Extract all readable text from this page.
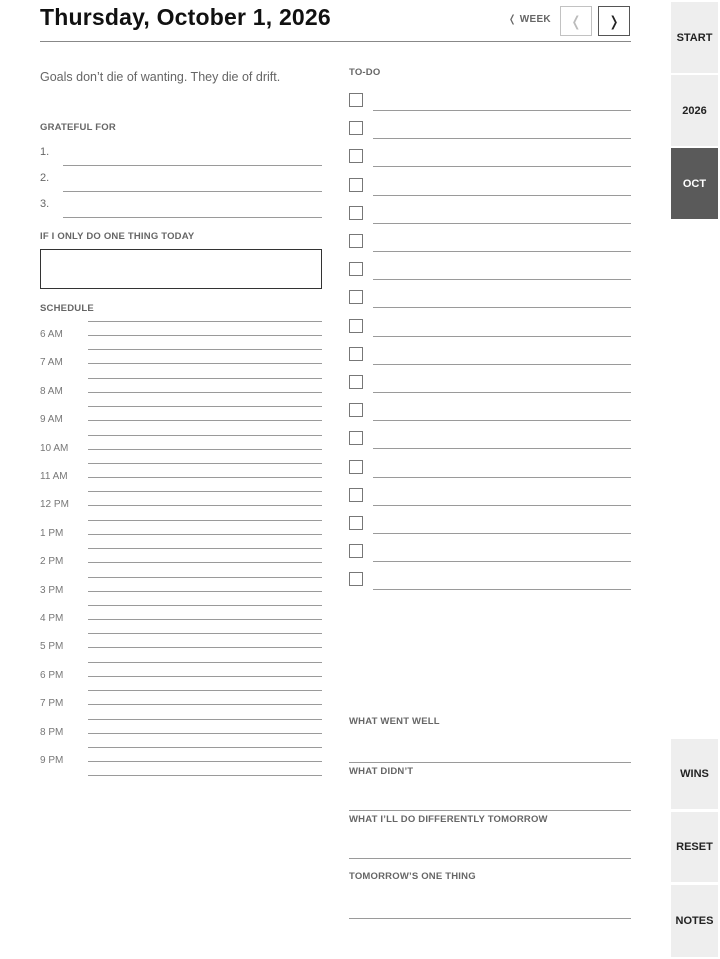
Thursday, October 1, 2026	❬ WEEK ❬ ❭
Goals don’t die of wanting. They die of drift.
GRATEFUL FOR
1.
2.
3.
IF I ONLY DO ONE THING TODAY
SCHEDULE
6 AM
7 AM
8 AM
9 AM
10 AM
11 AM
12 PM
1 PM
2 PM
3 PM
4 PM
5 PM
6 PM
7 PM
8 PM
9 PM
TO-DO
WHAT WENT WELL
WHAT DIDN’T
WHAT I’LL DO DIFFERENTLY TOMORROW
TOMORROW’S ONE THING
START
2026
OCT
WINS
RESET
NOTES
